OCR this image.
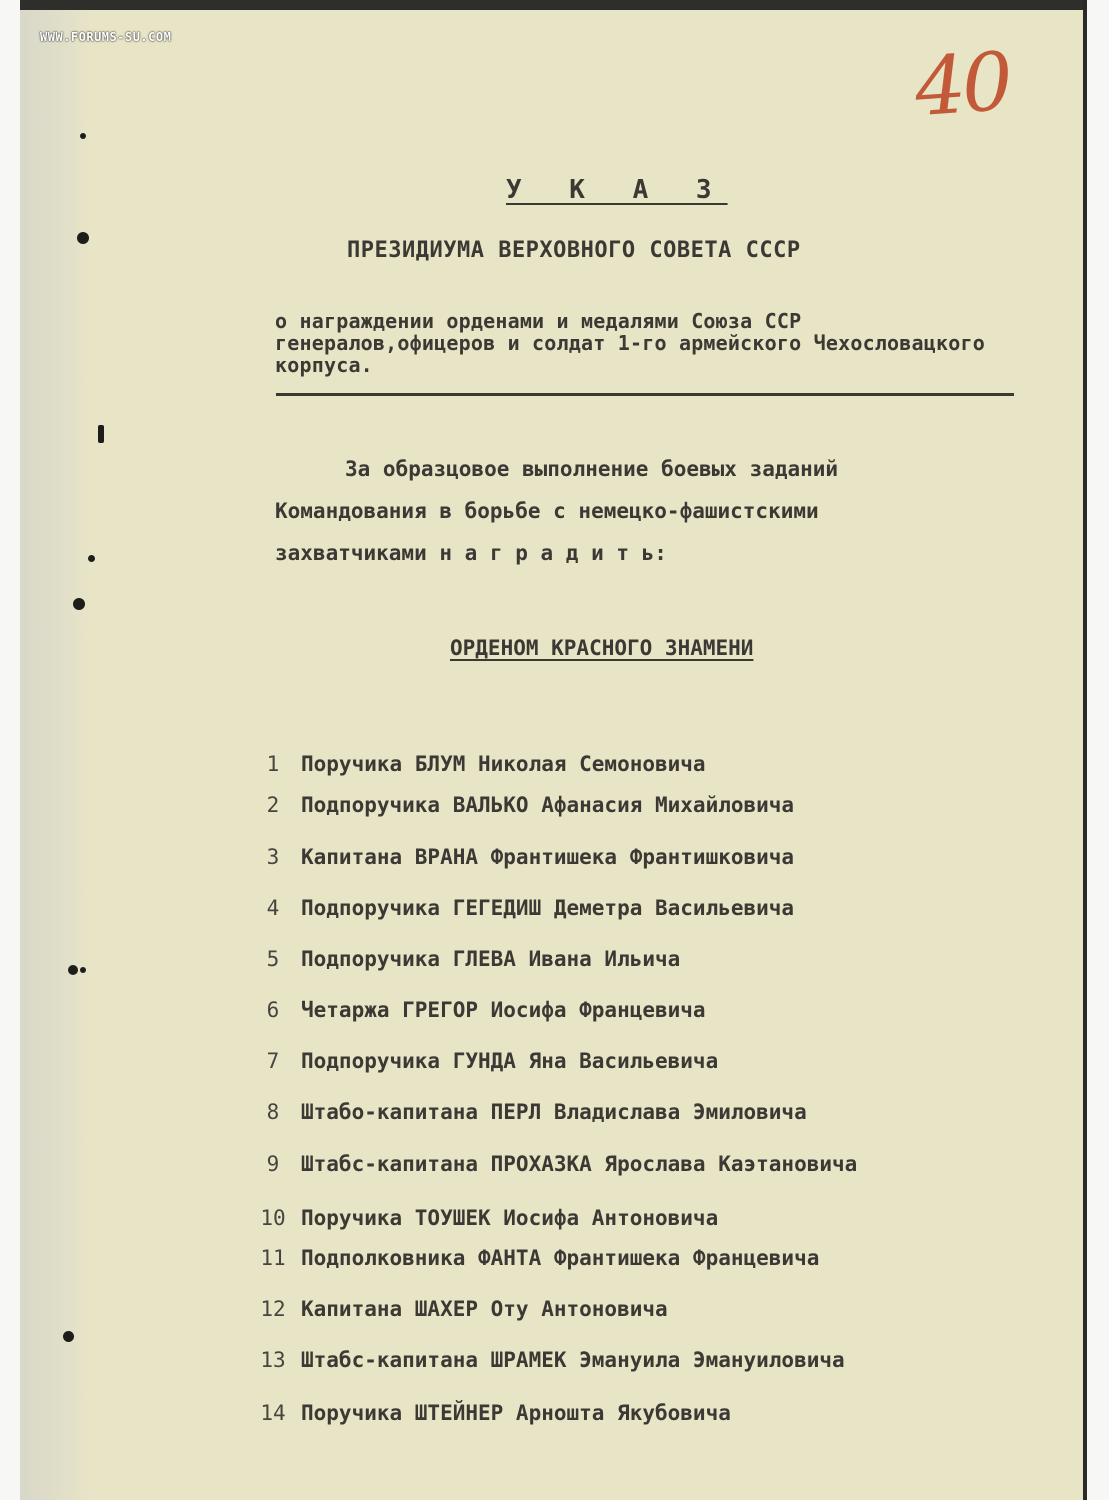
У К А З
ПРЕЗИДИУМА ВЕРХОВНОГО СОВЕТА СССР
о награждении орденами и медалями Союза ССР генералов,офицеров и солдат 1-го армейского Чехословацкого корпуса.
За образцовое выполнение боевых заданий Командования в борьбе с немецко-фашистскими захватчиками н а г р а д и т ь:
ОРДЕНОМ КРАСНОГО ЗНАМЕНИ
1 Поручика БЛУМ Николая Семоновича
2 Подпоручика ВАЛЬКО Афанасия Михайловича
3 Капитана ВРАНА Франтишека Франтишковича
4 Подпоручика ГЕГЕДИШ Деметра Васильевича
5 Подпоручика ГЛЕВА Ивана Ильича
6 Четаржа ГРЕГОР Иосифа Францевича
7 Подпоручика ГУНДА Яна Васильевича
8 Штабо-капитана ПЕРЛ Владислава Эмиловича
9 Штабс-капитана ПРОХАЗКА Ярослава Каэтановича
10 Поручика ТОУШЕК Иосифа Антоновича
11 Подполковника ФАНТА Франтишека Францевича
12 Капитана ШАХЕР Оту Антоновича
13 Штабс-капитана ШРАМЕК Эмануила Эмануиловича
14 Поручика ШТЕЙНЕР Арношта Якубовича
40
WWW.FORUMS-SU.COM
